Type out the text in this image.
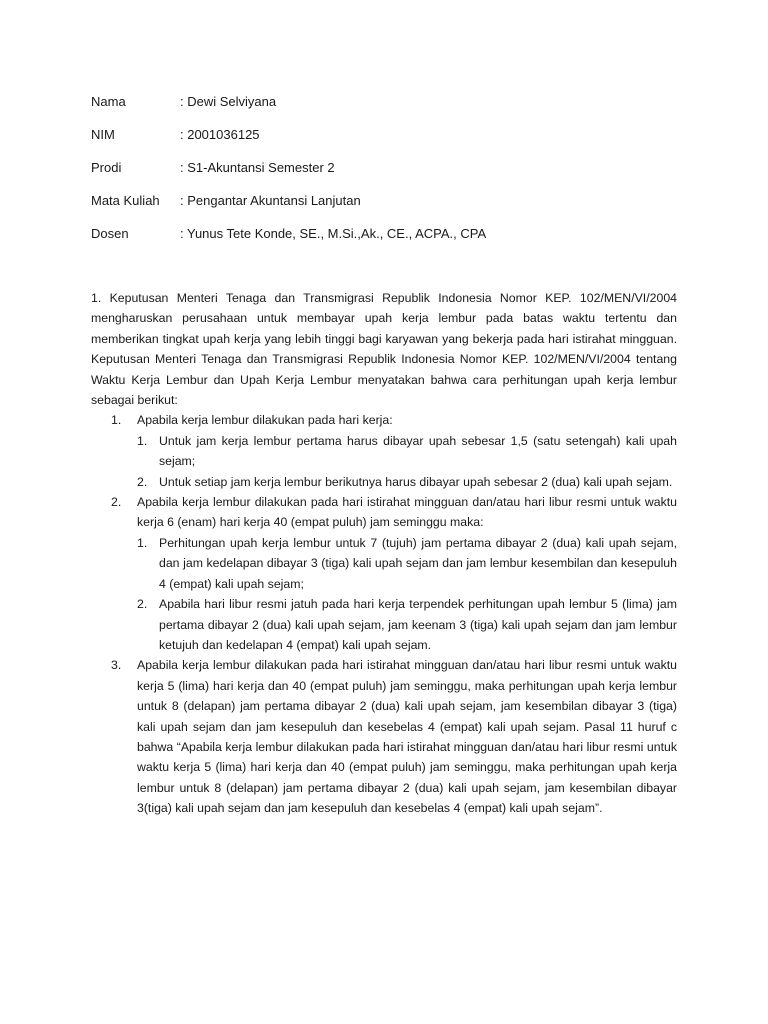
Nama	: Dewi Selviyana
NIM	: 2001036125
Prodi	: S1-Akuntansi Semester 2
Mata Kuliah	: Pengantar Akuntansi Lanjutan
Dosen	: Yunus Tete Konde, SE., M.Si.,Ak., CE., ACPA., CPA

1. Keputusan Menteri Tenaga dan Transmigrasi Republik Indonesia Nomor KEP. 102/MEN/VI/2004 mengharuskan perusahaan untuk membayar upah kerja lembur pada batas waktu tertentu dan memberikan tingkat upah kerja yang lebih tinggi bagi karyawan yang bekerja pada hari istirahat mingguan. Keputusan Menteri Tenaga dan Transmigrasi Republik Indonesia Nomor KEP. 102/MEN/VI/2004 tentang Waktu Kerja Lembur dan Upah Kerja Lembur menyatakan bahwa cara perhitungan upah kerja lembur sebagai berikut:

1. Apabila kerja lembur dilakukan pada hari kerja:

1. Untuk jam kerja lembur pertama harus dibayar upah sebesar 1,5 (satu setengah) kali upah sejam;

2. Untuk setiap jam kerja lembur berikutnya harus dibayar upah sebesar 2 (dua) kali upah sejam.

2. Apabila kerja lembur dilakukan pada hari istirahat mingguan dan/atau hari libur resmi untuk waktu kerja 6 (enam) hari kerja 40 (empat puluh) jam seminggu maka:

1. Perhitungan upah kerja lembur untuk 7 (tujuh) jam pertama dibayar 2 (dua) kali upah sejam, dan jam kedelapan dibayar 3 (tiga) kali upah sejam dan jam lembur kesembilan dan kesepuluh 4 (empat) kali upah sejam;

2. Apabila hari libur resmi jatuh pada hari kerja terpendek perhitungan upah lembur 5 (lima) jam pertama dibayar 2 (dua) kali upah sejam, jam keenam 3 (tiga) kali upah sejam dan jam lembur ketujuh dan kedelapan 4 (empat) kali upah sejam.

3. Apabila kerja lembur dilakukan pada hari istirahat mingguan dan/atau hari libur resmi untuk waktu kerja 5 (lima) hari kerja dan 40 (empat puluh) jam seminggu, maka perhitungan upah kerja lembur untuk 8 (delapan) jam pertama dibayar 2 (dua) kali upah sejam, jam kesembilan dibayar 3 (tiga) kali upah sejam dan jam kesepuluh dan kesebelas 4 (empat) kali upah sejam. Pasal 11 huruf c bahwa “Apabila kerja lembur dilakukan pada hari istirahat mingguan dan/atau hari libur resmi untuk waktu kerja 5 (lima) hari kerja dan 40 (empat puluh) jam seminggu, maka perhitungan upah kerja lembur untuk 8 (delapan) jam pertama dibayar 2 (dua) kali upah sejam, jam kesembilan dibayar 3(tiga) kali upah sejam dan jam kesepuluh dan kesebelas 4 (empat) kali upah sejam”.
